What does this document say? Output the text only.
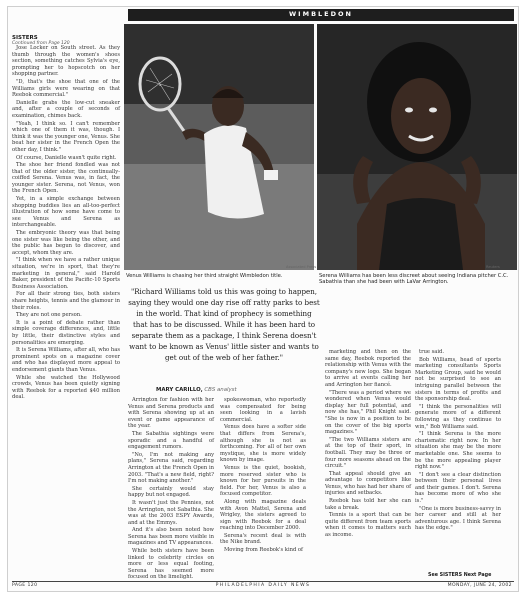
WIMBLEDON
SISTERS
Continued from Page 120

Jose Locker on South street. As they thumb through the women's shoes section, something catches Sylvia's eye, prompting her to hopscotch on her shopping partner.

"D, that's the shoe that one of the Williams girls were wearing on that Reebok commercial."

Danielle grabs the low-cut sneaker and, after a couple of seconds of examination, chimes back.

"Yeah, I think so. I can't remember which one of them it was, though. I think it was the younger one, Venus. She beat her sister in the French Open the other day, I think."

Of course, Danielle wasn't quite right.

The shoe her friend fondled was not that of the older sister, the continually-coiffed Serena. Venus was, in fact, the younger sister. Serena, not Venus, won the French Open.

Yet, in a simple exchange between shopping buddies lies an all-too-perfect illustration of how some have come to see Venus and Serena as interchangeable.

The embryonic theory was that being one sister was like being the other, and the public has begun to discover, and accept, whom they are.

"I think when we have a rather unique situation, we're in sport, that they're marketing in general," said Harold Baker, president of the Pacific-10 Sports Business Association.

For all their strong ties, both sisters share heights, tennis and the glamour in their roles.

They are not one person.

It is a point of debate rather than simple coverage differences, and, little by little, their distinctive styles and personalities are emerging.

It is Serena Williams, after all, who has prominent spots on a magazine cover and who has displayed more appeal to endorsement giants than Venus.

While she watched the Hollywood crowds, Venus has been quietly signing with Reebok for a reported $40 million deal.

Associated Press	Reuters
Venus Williams is chasing her third straight Wimbledon title.	Serena Williams has been less discreet about seeing Indiana pitcher C.C. Sabathia than she had been with LaVar Arrington.
"Richard Williams told us this was going to happen, saying they would one day rise off ratty parks to best in the world. That kind of prophecy is something that has to be discussed. While it has been hard to separate them as a package, I think Serena doesn't want to be known as Venus' little sister and wants to get out of the web of her father."
MARY CARILLO, CBS analyst

Arrington for fashion with her Venus and Serena products and with Serena showing up at an event or game appearance of the year.

The Sabathia sightings were sporadic and a handful of engagement rumors.

"No, I'm not making any plans," Serena said, regarding Arrington at the French Open in 2003. "That's a new field, right? I'm not making another."

She certainly would stay happy but not engaged.

It wasn't just the Pennies, not the Arrington, not Sabathia. She was at the 2003 ESPY Awards, and at the Emmys.

And it's also been noted how Serena has been more visible in magazines and TV appearances.

While both sisters have been linked to celebrity circles on more or less equal footing, Serena has seemed more focused on the limelight.

spokeswoman, who reportedly was compensated for being seen looking in a lavish commercial.

Venus does have a softer side that differs from Serena's, although she is not as forthcoming. For all of her own mystique, she is more widely known by image.

Venus is the quiet, bookish, more reserved sister who is known for her pursuits in the field. For her, Venus is also a focused competitor.

Along with magazine deals with Avon Mattel, Serena and Wrigley, the sisters agreed to sign with Reebok for a deal reaching into December 2000.

Serena's recent deal is with the Nike brand.

Moving from Reebok's kind of

marketing and then on the same day, Reebok reported the relationship with Venus with the company's new logo. She began to arrive at events calling her and Arrington her fiancé.

"There was a period where we wondered when Venus would display her full potential, and now she has," Phil Knight said. "She is now in a position to be on the cover of the big sports magazines."

"The two Williams sisters are at the top of their sport, in football. They may be three or four more seasons ahead on the circuit."

That appeal should give an advantage to competitors like Venus, who has had her share of injuries and setbacks.

Reebok has told her she can take a break.

Tennis is a sport that can be quite different from team sports when it comes to matters such as income.

true said.

Bob Williams, head of sports marketing consultants Sports Marketing Group, said he would not be surprised to see an intriguing parallel between the sisters in terms of profits and the sponsorship deal.

"I think the personalities will generate more of a different following as they continue to win," Bob Williams said.

"I think Serena is the more charismatic right now. In her situation she may be the more marketable one. She seems to be the more appealing player right now."

"I don't see a clear distinction between their personal lives and their games. I don't. Serena has become more of who she is."

"One is more business-savvy in her career and still at her adventurous age. I think Serena has the edge."

See SISTERS Next Page
PAGE 120	PHILADELPHIA DAILY NEWS	MONDAY, JUNE 24, 2002
